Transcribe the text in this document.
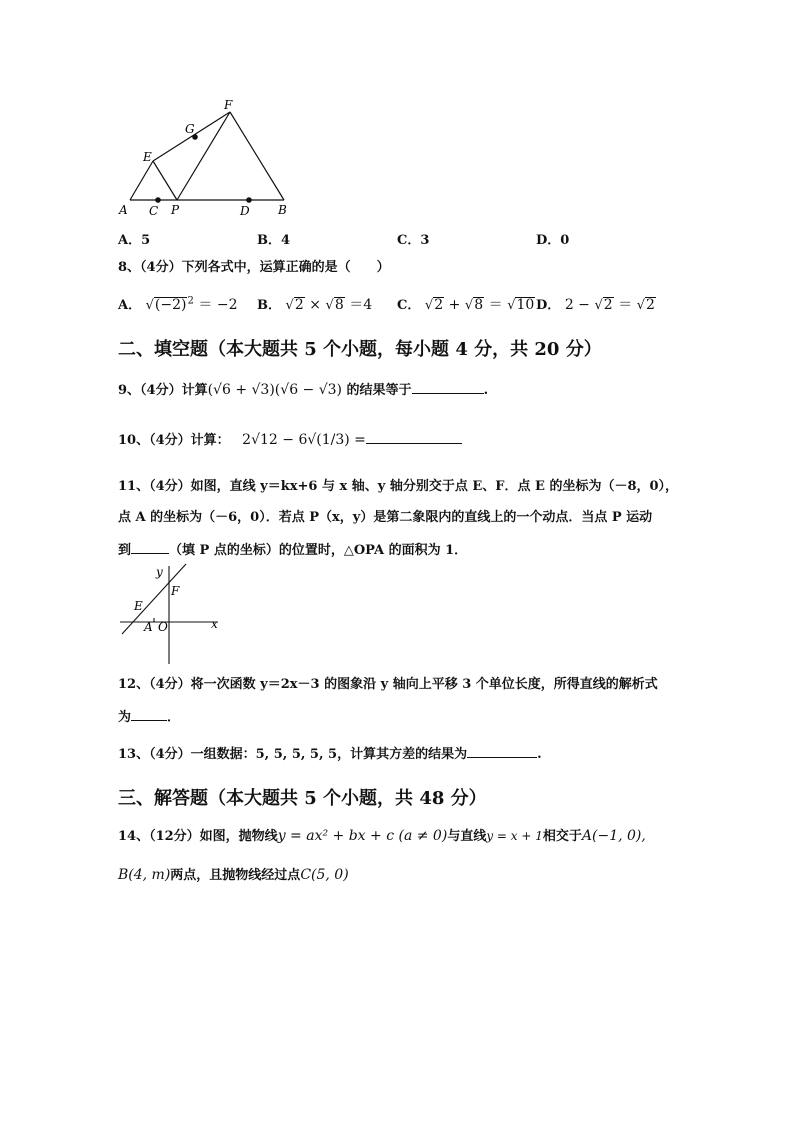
A C P	D B
E
G
F
A．5	B．4	C．3	D．0
8、（4分）下列各式中，运算正确的是（　　）
A． $√(-2)^2 = -2$ B． √2 × √8 ＝4 C． √2 + √8 ＝ √10 D． 2 − √2 ＝ √2
二、填空题（本大题共 5 个小题，每小题 4 分，共 20 分）
9、（4分）计算(√6 + √3)(√6 − √3) 的结果等于	.
10、（4分）计算： 2√12 − 6√(1/3) =
11、（4分）如图，直线 y＝kx+6 与 x 轴、y 轴分别交于点 E、F．点 E 的坐标为（－8，0），
点 A 的坐标为（－6，0）．若点 P（x，y）是第二象限内的直线上的一个动点．当点 P 运动
到	（填 P 点的坐标）的位置时，△OPA 的面积为 1．
y
F
E
A O	x
12、（4分）将一次函数 y＝2x－3 的图象沿 y 轴向上平移 3 个单位长度，所得直线的解析式
为	．
13、（4分）一组数据：5, 5, 5, 5, 5，计算其方差的结果为	.
三、解答题（本大题共 5 个小题，共 48 分）
14、（12分）如图，抛物线y = ax² + bx + c (a ≠ 0)与直线y = x + 1相交于A(−1, 0),
B(4, m)两点，且抛物线经过点C(5, 0)
